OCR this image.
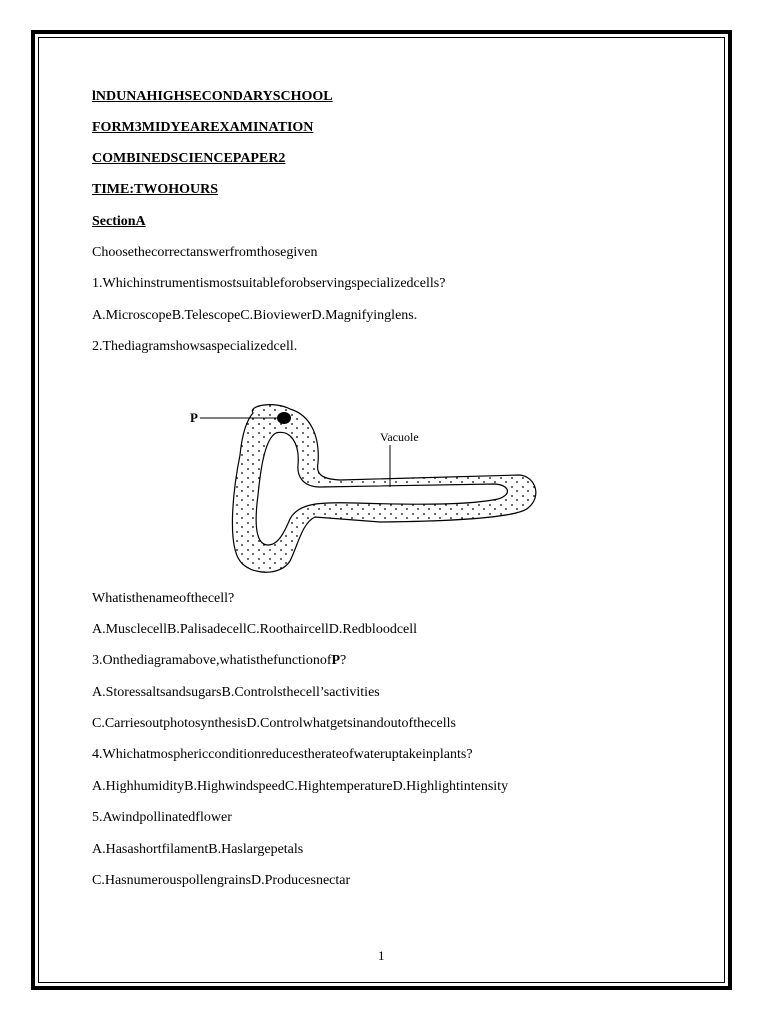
lNDUNAHIGHSECONDARYSCHOOL
FORM3MIDYEAREXAMINATION
COMBINEDSCIENCEPAPER2
TIME:TWOHOURS
SectionA
Choosethecorrectanswerfromthosegiven
1.Whichinstrumentismostsuitableforobservingspecializedcells?
A.MicroscopeB.TelescopeC.BioviewerD.Magnifyinglens.
2.Thediagramshowsaspecializedcell.
P
Vacuole
Whatisthenameofthecell?
A.MusclecellB.PalisadecellC.RoothaircellD.Redbloodcell
3.Onthediagramabove,whatisthefunctionofP?
A.StoressaltsandsugarsB.Controlsthecell’sactivities
C.CarriesoutphotosynthesisD.Controlwhatgetsinandoutofthecells
4.Whichatmosphericconditionreducestherateofwateruptakeinplants?
A.HighhumidityB.HighwindspeedC.HightemperatureD.Highlightintensity
5.Awindpollinatedflower
A.HasashortfilamentB.Haslargepetals
C.HasnumerouspollengrainsD.Producesnectar
1
